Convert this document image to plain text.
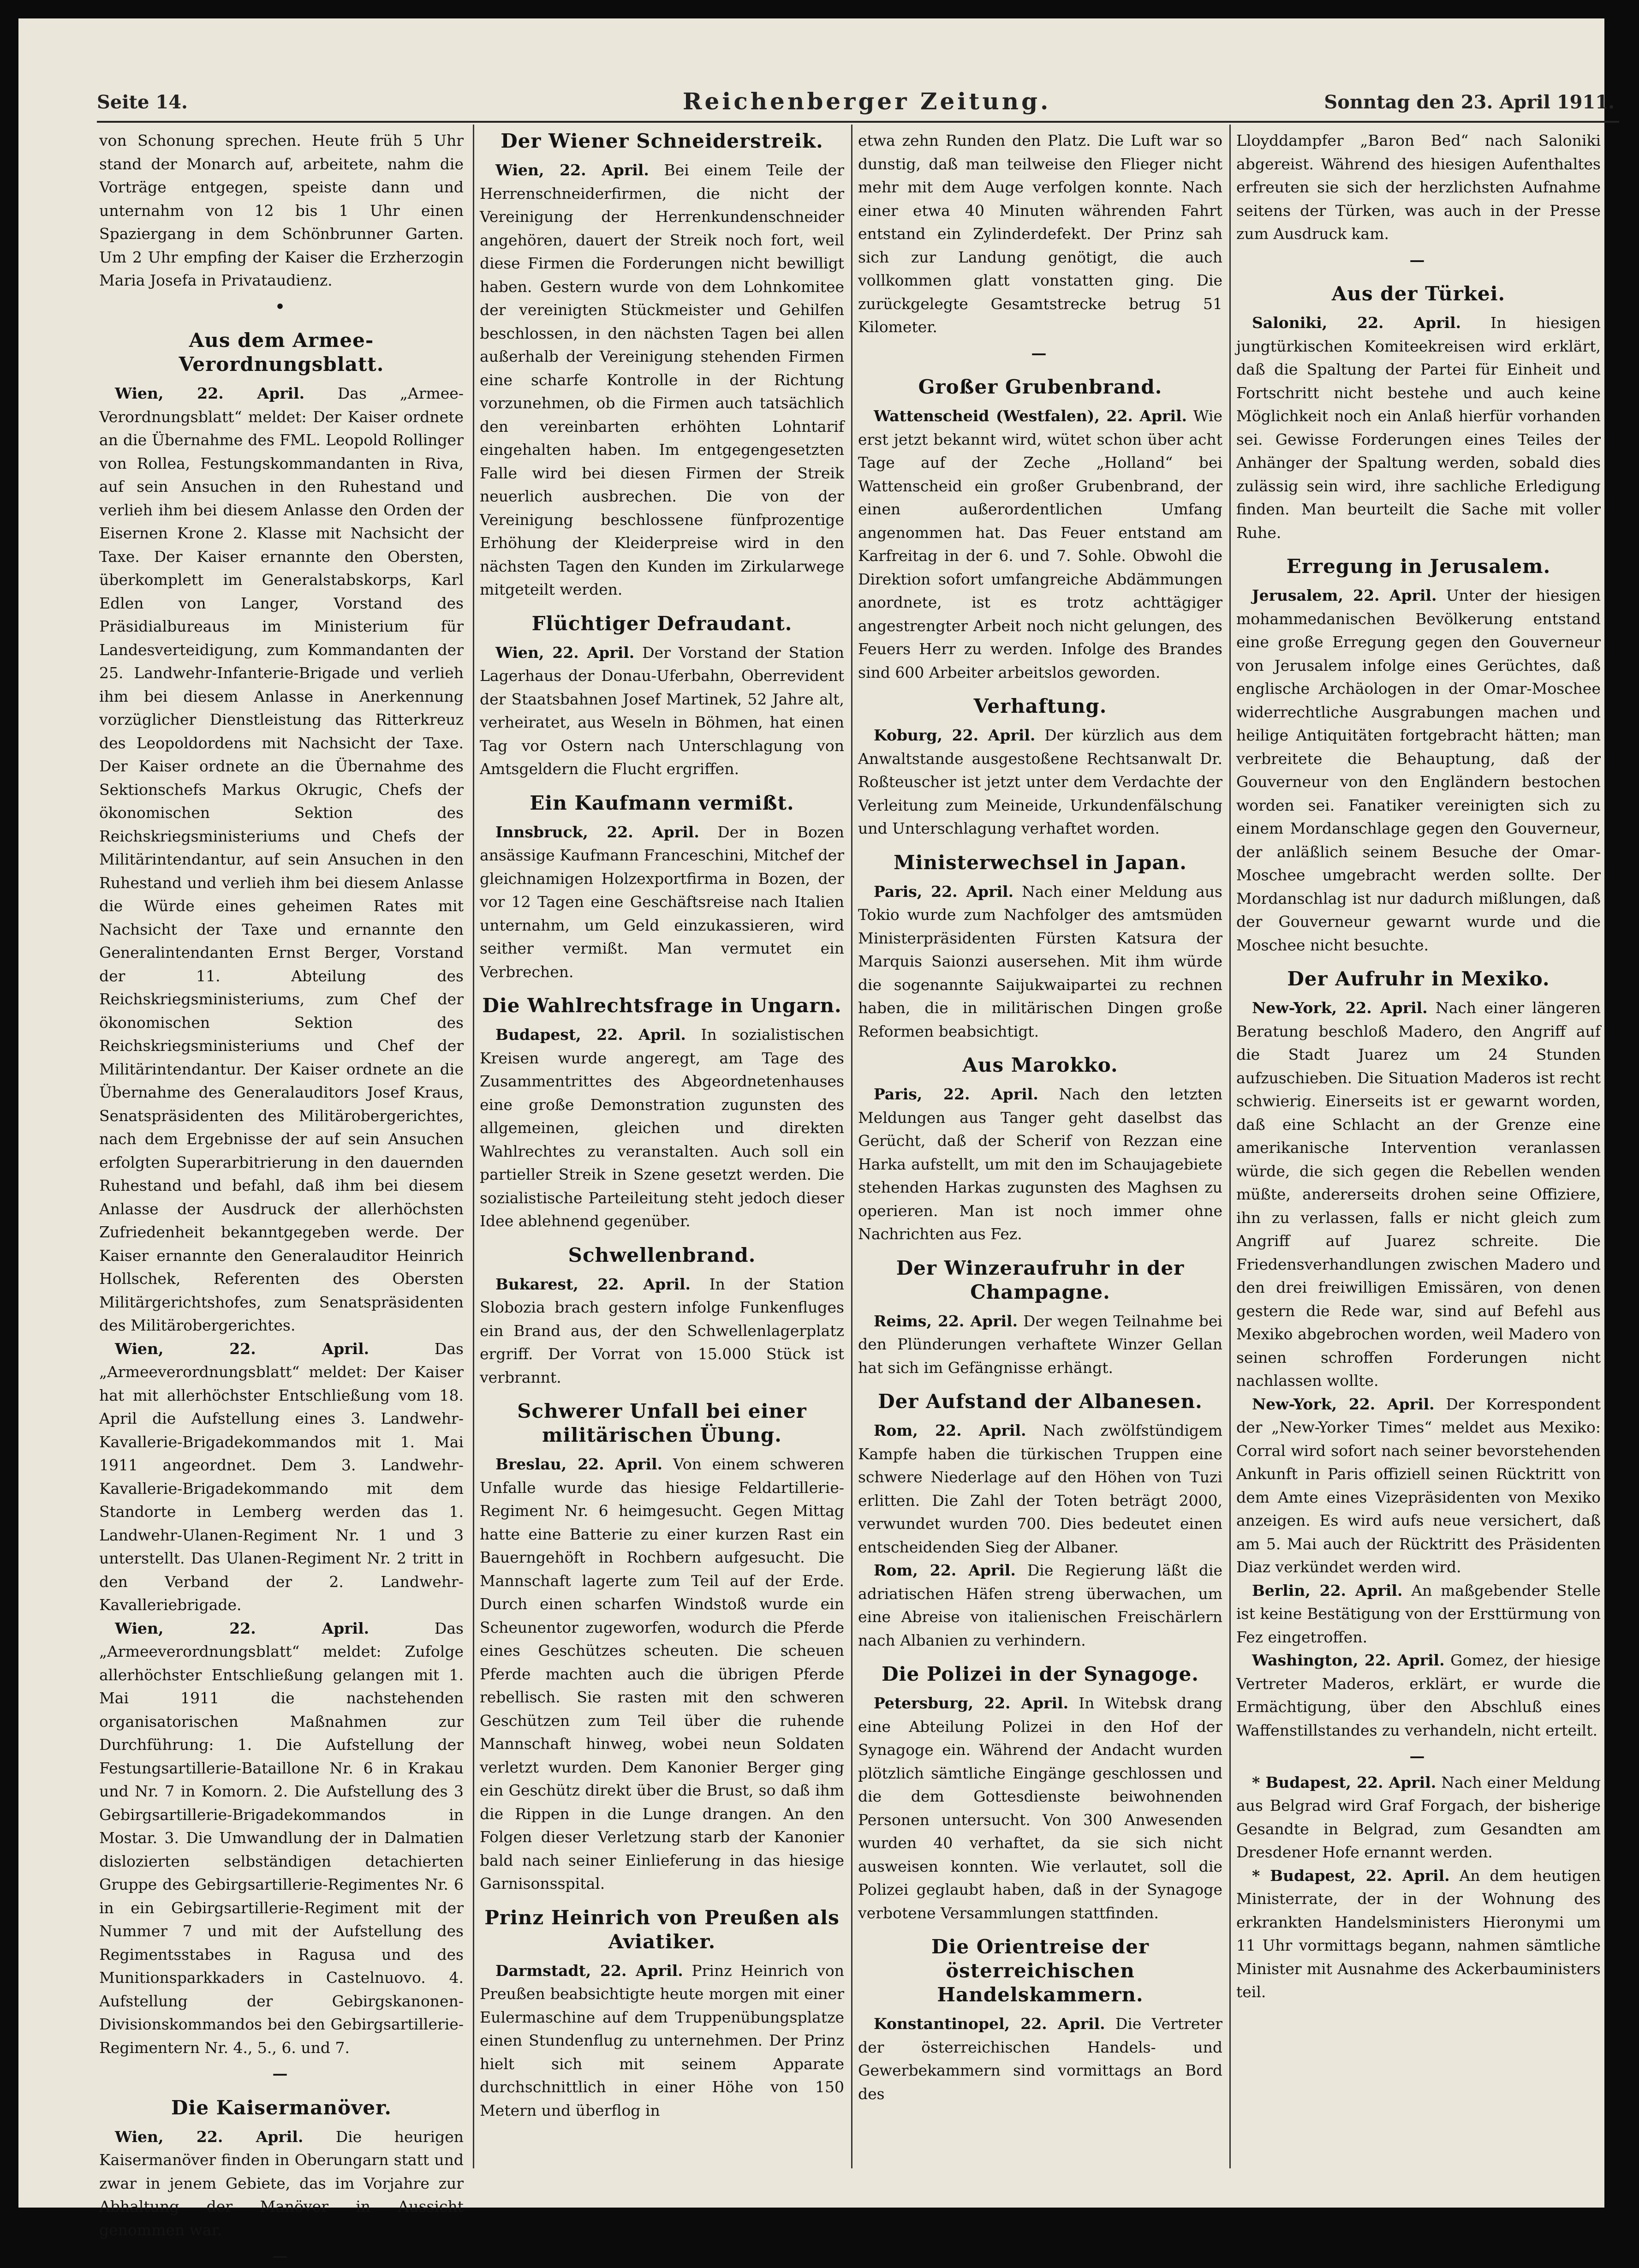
Seite 14.	Reichenberger Zeitung.	Sonntag den 23. April 1911.

von Schonung sprechen. Heute früh 5 Uhr stand der Monarch auf, arbeitete, nahm die Vorträge entgegen, speiste dann und unternahm von 12 bis 1 Uhr einen Spaziergang in dem Schönbrunner Garten. Um 2 Uhr empfing der Kaiser die Erzherzogin Maria Josefa in Privataudienz.

•
Aus dem Armee-Verordnungsblatt.

Wien, 22. April. Das „Armee-Verordnungsblatt“ meldet: Der Kaiser ordnete an die Übernahme des FML. Leopold Rollinger von Rollea, Festungskommandanten in Riva, auf sein Ansuchen in den Ruhestand und verlieh ihm bei diesem Anlasse den Orden der Eisernen Krone 2. Klasse mit Nachsicht der Taxe. Der Kaiser ernannte den Obersten, überkomplett im Generalstabskorps, Karl Edlen von Langer, Vorstand des Präsidialbureaus im Ministerium für Landesverteidigung, zum Kommandanten der 25. Landwehr-Infanterie-Brigade und verlieh ihm bei diesem Anlasse in Anerkennung vorzüglicher Dienstleistung das Ritterkreuz des Leopoldordens mit Nachsicht der Taxe. Der Kaiser ordnete an die Übernahme des Sektionschefs Markus Okrugic, Chefs der ökonomischen Sektion des Reichskriegsministeriums und Chefs der Militärintendantur, auf sein Ansuchen in den Ruhestand und verlieh ihm bei diesem Anlasse die Würde eines geheimen Rates mit Nachsicht der Taxe und ernannte den Generalintendanten Ernst Berger, Vorstand der 11. Abteilung des Reichskriegsministeriums, zum Chef der ökonomischen Sektion des Reichskriegsministeriums und Chef der Militärintendantur. Der Kaiser ordnete an die Übernahme des Generalauditors Josef Kraus, Senatspräsidenten des Militärobergerichtes, nach dem Ergebnisse der auf sein Ansuchen erfolgten Superarbitrierung in den dauernden Ruhestand und befahl, daß ihm bei diesem Anlasse der Ausdruck der allerhöchsten Zufriedenheit bekanntgegeben werde. Der Kaiser ernannte den Generalauditor Heinrich Hollschek, Referenten des Obersten Militärgerichtshofes, zum Senatspräsidenten des Militärobergerichtes.

Wien, 22. April.	Das „Armeeverordnungsblatt“ meldet: Der Kaiser hat mit allerhöchster Entschließung vom 18. April die Aufstellung eines 3. Landwehr-Kavallerie-Brigadekommandos mit 1. Mai 1911 angeordnet. Dem 3. Landwehr-Kavallerie-Brigadekommando mit dem Standorte in Lemberg werden das 1. Landwehr-Ulanen-Regiment Nr. 1 und 3 unterstellt. Das Ulanen-Regiment Nr. 2 tritt in den Verband der 2. Landwehr-Kavalleriebrigade.

Wien, 22. April.	Das „Armeeverordnungsblatt“ meldet: Zufolge allerhöchster Entschließung gelangen mit 1. Mai 1911 die nachstehenden organisatorischen Maßnahmen zur Durchführung: 1. Die Aufstellung der Festungsartillerie-Bataillone Nr. 6 in Krakau und Nr. 7 in Komorn. 2. Die Aufstellung des 3 Gebirgsartillerie-Brigadekommandos in Mostar. 3. Die Umwandlung der in Dalmatien dislozierten selbständigen detachierten Gruppe des Gebirgsartillerie-Regimentes Nr. 6 in ein Gebirgsartillerie-Regiment mit der Nummer 7 und mit der Aufstellung des Regimentsstabes in Ragusa und des Munitionsparkkaders in Castelnuovo. 4. Aufstellung der Gebirgskanonen-Divisionskommandos bei den Gebirgsartillerie-Regimentern Nr. 4., 5., 6. und 7.

—
Die Kaisermanöver.

Wien, 22. April. Die heurigen Kaisermanöver finden in Oberungarn statt und zwar in jenem Gebiete, das im Vorjahre zur Abhaltung der Manöver in Aussicht genommen war.

—
Der Wiener Schneiderstreik.

Wien, 22. April. Bei einem Teile der Herrenschneiderfirmen, die nicht der Vereinigung der Herrenkundenschneider angehören, dauert der Streik noch fort, weil diese Firmen die Forderungen nicht bewilligt haben. Gestern wurde von dem Lohnkomitee der vereinigten Stückmeister und Gehilfen beschlossen, in den nächsten Tagen bei allen außerhalb der Vereinigung stehenden Firmen eine scharfe Kontrolle in der Richtung vorzunehmen, ob die Firmen auch tatsächlich den vereinbarten erhöhten Lohntarif eingehalten haben. Im entgegengesetzten Falle wird bei diesen Firmen der Streik neuerlich ausbrechen. Die von der Vereinigung beschlossene fünfprozentige Erhöhung der Kleiderpreise wird in den nächsten Tagen den Kunden im Zirkularwege mitgeteilt werden.

Flüchtiger Defraudant.

Wien, 22. April. Der Vorstand der Station Lagerhaus der Donau-Uferbahn, Oberrevident der Staatsbahnen Josef Martinek, 52 Jahre alt, verheiratet, aus Weseln in Böhmen, hat einen Tag vor Ostern nach Unterschlagung von Amtsgeldern die Flucht ergriffen.

Ein Kaufmann vermißt.

Innsbruck, 22. April. Der in Bozen ansässige Kaufmann Franceschini, Mitchef der gleichnamigen Holzexportfirma in Bozen, der vor 12 Tagen eine Geschäftsreise nach Italien unternahm, um Geld einzukassieren, wird seither vermißt. Man vermutet ein Verbrechen.

Die Wahlrechtsfrage in Ungarn.

Budapest, 22. April. In sozialistischen Kreisen wurde angeregt, am Tage des Zusammentrittes des Abgeordnetenhauses eine große Demonstration zugunsten des allgemeinen, gleichen und direkten Wahlrechtes zu veranstalten. Auch soll ein partieller Streik in Szene gesetzt werden. Die sozialistische Parteileitung steht jedoch dieser Idee ablehnend gegenüber.

Schwellenbrand.

Bukarest, 22. April. In der Station Slobozia brach gestern infolge Funkenfluges ein Brand aus, der den Schwellenlagerplatz ergriff. Der Vorrat von 15.000 Stück ist verbrannt.

Schwerer Unfall bei einer militärischen Übung.

Breslau, 22. April. Von einem schweren Unfalle wurde das hiesige Feldartillerie-Regiment Nr. 6 heimgesucht. Gegen Mittag hatte eine Batterie zu einer kurzen Rast ein Bauerngehöft in Rochbern aufgesucht. Die Mannschaft lagerte zum Teil auf der Erde. Durch einen scharfen Windstoß wurde ein Scheunentor zugeworfen, wodurch die Pferde eines Geschützes scheuten. Die scheuen Pferde machten auch die übrigen Pferde rebellisch. Sie rasten mit den schweren Geschützen zum Teil über die ruhende Mannschaft hinweg, wobei neun Soldaten verletzt wurden. Dem Kanonier Berger ging ein Geschütz direkt über die Brust, so daß ihm die Rippen in die Lunge drangen. An den Folgen dieser Verletzung starb der Kanonier bald nach seiner Einlieferung in das hiesige Garnisonsspital.

Prinz Heinrich von Preußen als Aviatiker.

Darmstadt, 22. April. Prinz Heinrich von Preußen beabsichtigte heute morgen mit einer Eulermaschine auf dem Truppenübungsplatze einen Stundenflug zu unternehmen. Der Prinz hielt sich mit seinem Apparate durchschnittlich in einer Höhe von 150 Metern und überflog in

etwa zehn Runden den Platz. Die Luft war so dunstig, daß man teilweise den Flieger nicht mehr mit dem Auge verfolgen konnte. Nach einer etwa 40 Minuten währenden Fahrt entstand ein Zylinderdefekt. Der Prinz sah sich zur Landung genötigt, die auch vollkommen glatt vonstatten ging. Die zurückgelegte Gesamtstrecke betrug 51 Kilometer.

—
Großer Grubenbrand.

Wattenscheid (Westfalen), 22. April. Wie erst jetzt bekannt wird, wütet schon über acht Tage auf der Zeche „Holland“ bei Wattenscheid ein großer Grubenbrand, der einen außerordentlichen Umfang angenommen hat. Das Feuer entstand am Karfreitag in der 6. und 7. Sohle. Obwohl die Direktion sofort umfangreiche Abdämmungen anordnete, ist es trotz achttägiger angestrengter Arbeit noch nicht gelungen, des Feuers Herr zu werden. Infolge des Brandes sind 600 Arbeiter arbeitslos geworden.

Verhaftung.

Koburg, 22. April. Der kürzlich aus dem Anwaltstande ausgestoßene Rechtsanwalt Dr. Roßteuscher ist jetzt unter dem Verdachte der Verleitung zum Meineide, Urkundenfälschung und Unterschlagung verhaftet worden.

Ministerwechsel in Japan.

Paris, 22. April. Nach einer Meldung aus Tokio wurde zum Nachfolger des amtsmüden Ministerpräsidenten Fürsten Katsura der Marquis Saionzi ausersehen. Mit ihm würde die sogenannte Saijukwaipartei zu rechnen haben, die in militärischen Dingen große Reformen beabsichtigt.

Aus Marokko.

Paris, 22. April. Nach den letzten Meldungen aus Tanger geht daselbst das Gerücht, daß der Scherif von Rezzan eine Harka aufstellt, um mit den im Schaujagebiete stehenden Harkas zugunsten des Maghsen zu operieren. Man ist noch immer ohne Nachrichten aus Fez.

Der Winzeraufruhr in der Champagne.

Reims, 22. April. Der wegen Teilnahme bei den Plünderungen verhaftete Winzer Gellan hat sich im Gefängnisse erhängt.

Der Aufstand der Albanesen.

Rom, 22. April. Nach zwölfstündigem Kampfe haben die türkischen Truppen eine schwere Niederlage auf den Höhen von Tuzi erlitten. Die Zahl der Toten beträgt 2000, verwundet wurden 700. Dies bedeutet einen entscheidenden Sieg der Albaner.

Rom, 22. April. Die Regierung läßt die adriatischen Häfen streng überwachen, um eine Abreise von italienischen Freischärlern nach Albanien zu verhindern.

Die Polizei in der Synagoge.

Petersburg, 22. April. In Witebsk drang eine Abteilung Polizei in den Hof der Synagoge ein. Während der Andacht wurden plötzlich sämtliche Eingänge geschlossen und die dem Gottesdienste beiwohnenden Personen untersucht. Von 300 Anwesenden wurden 40 verhaftet, da sie sich nicht ausweisen konnten. Wie verlautet, soll die Polizei geglaubt haben, daß in der Synagoge verbotene Versammlungen stattfinden.

Die Orientreise der österreichischen Handelskammern.

Konstantinopel, 22. April. Die Vertreter der österreichischen Handels- und Gewerbekammern sind vormittags an Bord des

Lloyddampfer „Baron Bed“ nach Saloniki abgereist. Während des hiesigen Aufenthaltes erfreuten sie sich der herzlichsten Aufnahme seitens der Türken, was auch in der Presse zum Ausdruck kam.

—
Aus der Türkei.

Saloniki, 22. April. In hiesigen jungtürkischen Komiteekreisen wird erklärt, daß die Spaltung der Partei für Einheit und Fortschritt nicht bestehe und auch keine Möglichkeit noch ein Anlaß hierfür vorhanden sei. Gewisse Forderungen eines Teiles der Anhänger der Spaltung werden, sobald dies zulässig sein wird, ihre sachliche Erledigung finden. Man beurteilt die Sache mit voller Ruhe.

Erregung in Jerusalem.

Jerusalem, 22. April. Unter der hiesigen mohammedanischen Bevölkerung entstand eine große Erregung gegen den Gouverneur von Jerusalem infolge eines Gerüchtes, daß englische Archäologen in der Omar-Moschee widerrechtliche Ausgrabungen machen und heilige Antiquitäten fortgebracht hätten; man verbreitete die Behauptung, daß der Gouverneur von den Engländern bestochen worden sei. Fanatiker vereinigten sich zu einem Mordanschlage gegen den Gouverneur, der anläßlich seinem Besuche der Omar-Moschee umgebracht werden sollte. Der Mordanschlag ist nur dadurch mißlungen, daß der Gouverneur gewarnt wurde und die Moschee nicht besuchte.

Der Aufruhr in Mexiko.

New-York, 22. April. Nach einer längeren Beratung beschloß Madero, den Angriff auf die Stadt Juarez um 24 Stunden aufzuschieben. Die Situation Maderos ist recht schwierig. Einerseits ist er gewarnt worden, daß eine Schlacht an der Grenze eine amerikanische Intervention veranlassen würde, die sich gegen die Rebellen wenden müßte, andererseits drohen seine Offiziere, ihn zu verlassen, falls er nicht gleich zum Angriff auf Juarez schreite. Die Friedensverhandlungen zwischen Madero und den drei freiwilligen Emissären, von denen gestern die Rede war, sind auf Befehl aus Mexiko abgebrochen worden, weil Madero von seinen schroffen Forderungen nicht nachlassen wollte.

New-York, 22. April. Der Korrespondent der „New-Yorker Times“ meldet aus Mexiko: Corral wird sofort nach seiner bevorstehenden Ankunft in Paris offiziell seinen Rücktritt von dem Amte eines Vizepräsidenten von Mexiko anzeigen. Es wird aufs neue versichert, daß am 5. Mai auch der Rücktritt des Präsidenten Diaz verkündet werden wird.

Berlin, 22. April. An maßgebender Stelle ist keine Bestätigung von der Ersttürmung von Fez eingetroffen.

Washington, 22. April. Gomez, der hiesige Vertreter Maderos, erklärt, er wurde die Ermächtigung, über den Abschluß eines Waffenstillstandes zu verhandeln, nicht erteilt.

—

* Budapest, 22. April. Nach einer Meldung aus Belgrad wird Graf Forgach, der bisherige Gesandte in Belgrad, zum Gesandten am Dresdener Hofe ernannt werden.

* Budapest, 22. April. An dem heutigen Ministerrate, der in der Wohnung des erkrankten Handelsministers Hieronymi um 11 Uhr vormittags begann, nahmen sämtliche Minister mit Ausnahme des Ackerbauministers teil.
